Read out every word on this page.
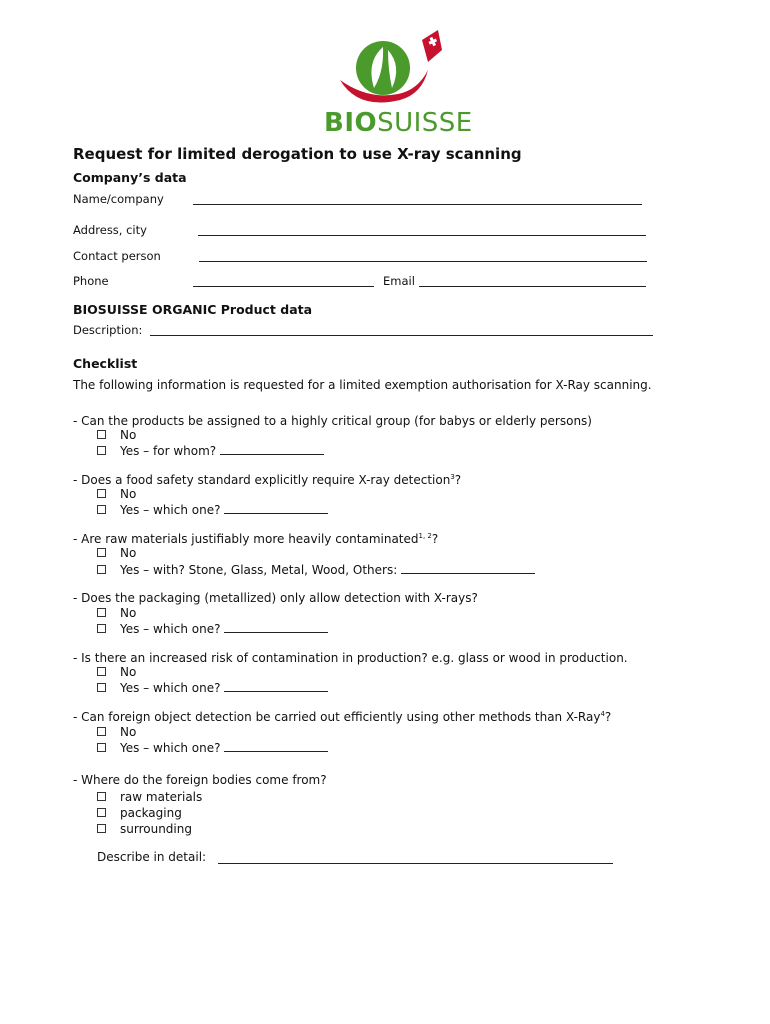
BIOSUISSE
Request for limited derogation to use X-ray scanning
Company’s data
Name/company
Address, city
Contact person
Phone	Email
BIOSUISSE ORGANIC Product data
Description:
Checklist
The following information is requested for a limited exemption authorisation for X-Ray scanning.
- Can the products be assigned to a highly critical group (for babys or elderly persons)
No
Yes – for whom?
- Does a food safety standard explicitly require X-ray detection$^3$?
No
Yes – which one?
- Are raw materials justifiably more heavily contaminated$^{1, 2}$?
No
Yes – with? Stone, Glass, Metal, Wood, Others:
- Does the packaging (metallized) only allow detection with X-rays?
No
Yes – which one?
- Is there an increased risk of contamination in production? e.g. glass or wood in production.
No
Yes – which one?
- Can foreign object detection be carried out efficiently using other methods than X-Ray$^4$?
No
Yes – which one?
- Where do the foreign bodies come from?
raw materials
packaging
surrounding
Describe in detail:
